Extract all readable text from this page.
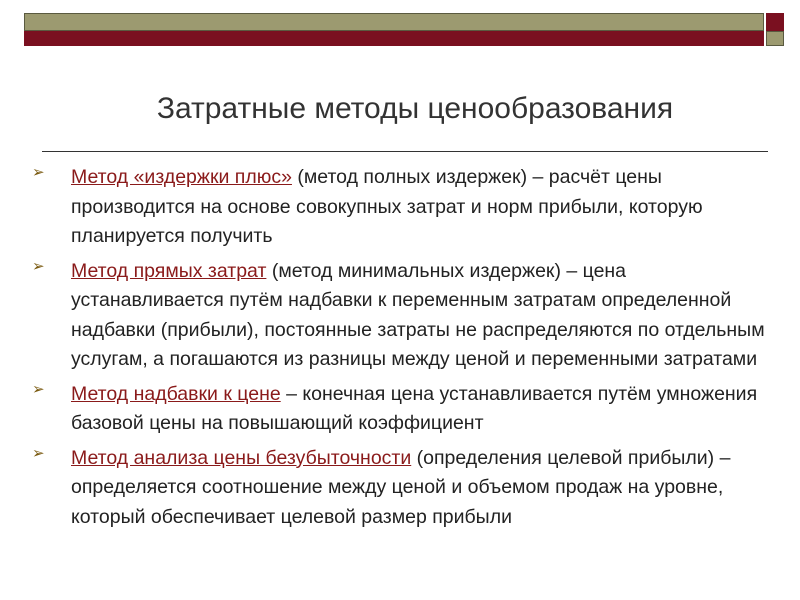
Затратные методы ценообразования
➢ Метод «издержки плюс» (метод полных издержек) – расчёт цены производится на основе совокупных затрат и норм прибыли, которую планируется получить
➢ Метод прямых затрат (метод минимальных издержек) – цена устанавливается путём надбавки к переменным затратам определенной надбавки (прибыли), постоянные затраты не распределяются по отдельным услугам, а погашаются из разницы между ценой и переменными затратами
➢ Метод надбавки к цене – конечная цена устанавливается путём умножения базовой цены на повышающий коэффициент
➢ Метод анализа цены безубыточности (определения целевой прибыли) – определяется соотношение между ценой и объемом продаж на уровне, который обеспечивает целевой размер прибыли
